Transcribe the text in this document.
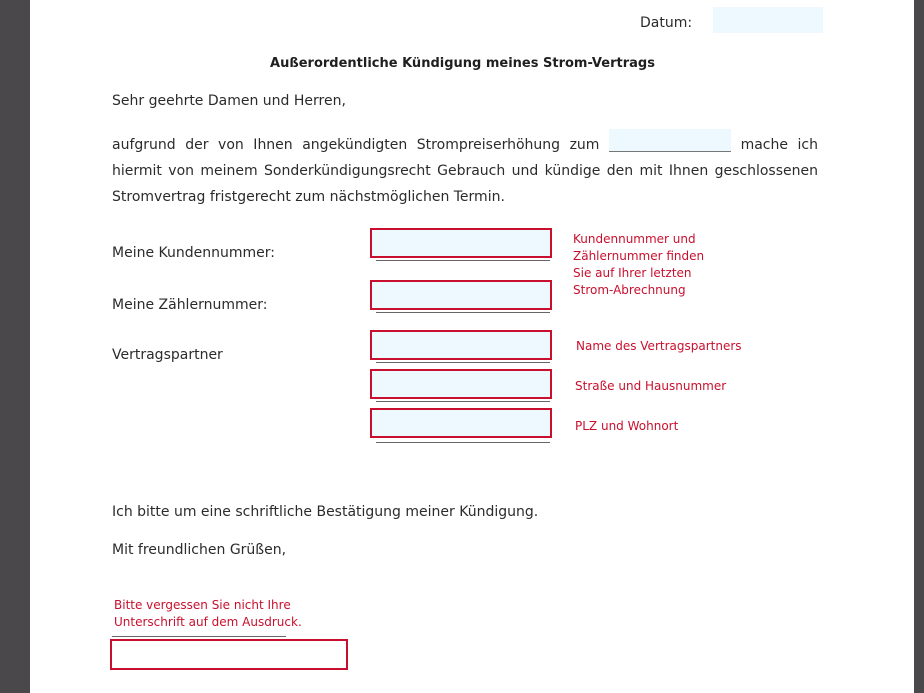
Datum:
Außerordentliche Kündigung meines Strom-Vertrags
Sehr geehrte Damen und Herren,
aufgrund der von Ihnen angekündigten Strompreiserhöhung zum	mache ich
hiermit von meinem Sonderkündigungsrecht Gebrauch und kündige den mit Ihnen geschlossenen
Stromvertrag fristgerecht zum nächstmöglichen Termin.
Meine Kundennummer:
Meine Zählernummer:
Kundennummer und
Zählernummer finden
Sie auf Ihrer letzten
Strom-Abrechnung
Vertragspartner
Name des Vertragspartners
Straße und Hausnummer
PLZ und Wohnort
Ich bitte um eine schriftliche Bestätigung meiner Kündigung.
Mit freundlichen Grüßen,
Bitte vergessen Sie nicht Ihre
Unterschrift auf dem Ausdruck.
